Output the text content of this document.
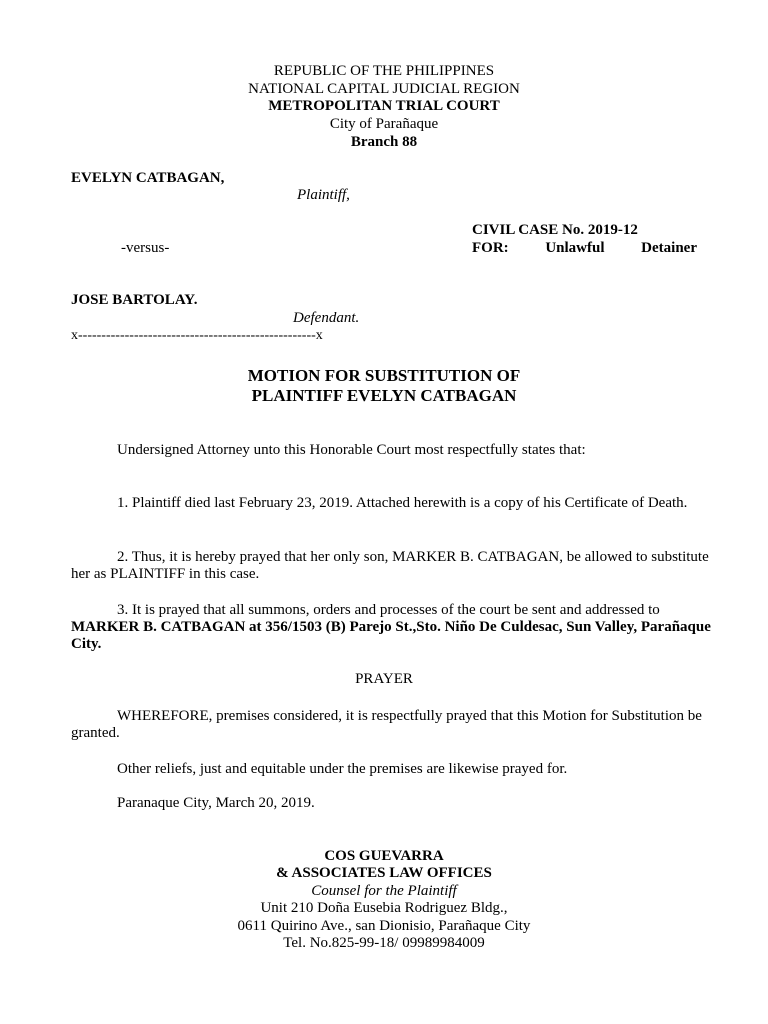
REPUBLIC OF THE PHILIPPINES
NATIONAL CAPITAL JUDICIAL REGION
METROPOLITAN TRIAL COURT
City of Parañaque
Branch 88
EVELYN CATBAGAN,
Plaintiff,
CIVIL CASE No. 2019-12
-versus-	FOR: Unlawful Detainer
JOSE BARTOLAY.
Defendant.
x---------------------------------------------------x
MOTION FOR SUBSTITUTION OF
PLAINTIFF EVELYN CATBAGAN
Undersigned Attorney unto this Honorable Court most respectfully states that:
1. Plaintiff died last February 23, 2019. Attached herewith is a copy of his Certificate of Death.
2. Thus, it is hereby prayed that her only son, MARKER B. CATBAGAN, be allowed to substitute her as PLAINTIFF in this case.
3. It is prayed that all summons, orders and processes of the court be sent and addressed to MARKER B. CATBAGAN at 356/1503 (B) Parejo St.,Sto. Niño De Culdesac, Sun Valley, Parañaque City.
PRAYER
WHEREFORE, premises considered, it is respectfully prayed that this Motion for Substitution be granted.
Other reliefs, just and equitable under the premises are likewise prayed for.
Paranaque City, March 20, 2019.
COS GUEVARRA
& ASSOCIATES LAW OFFICES
Counsel for the Plaintiff
Unit 210 Doña Eusebia Rodriguez Bldg.,
0611 Quirino Ave., san Dionisio, Parañaque City
Tel. No.825-99-18/ 09989984009
